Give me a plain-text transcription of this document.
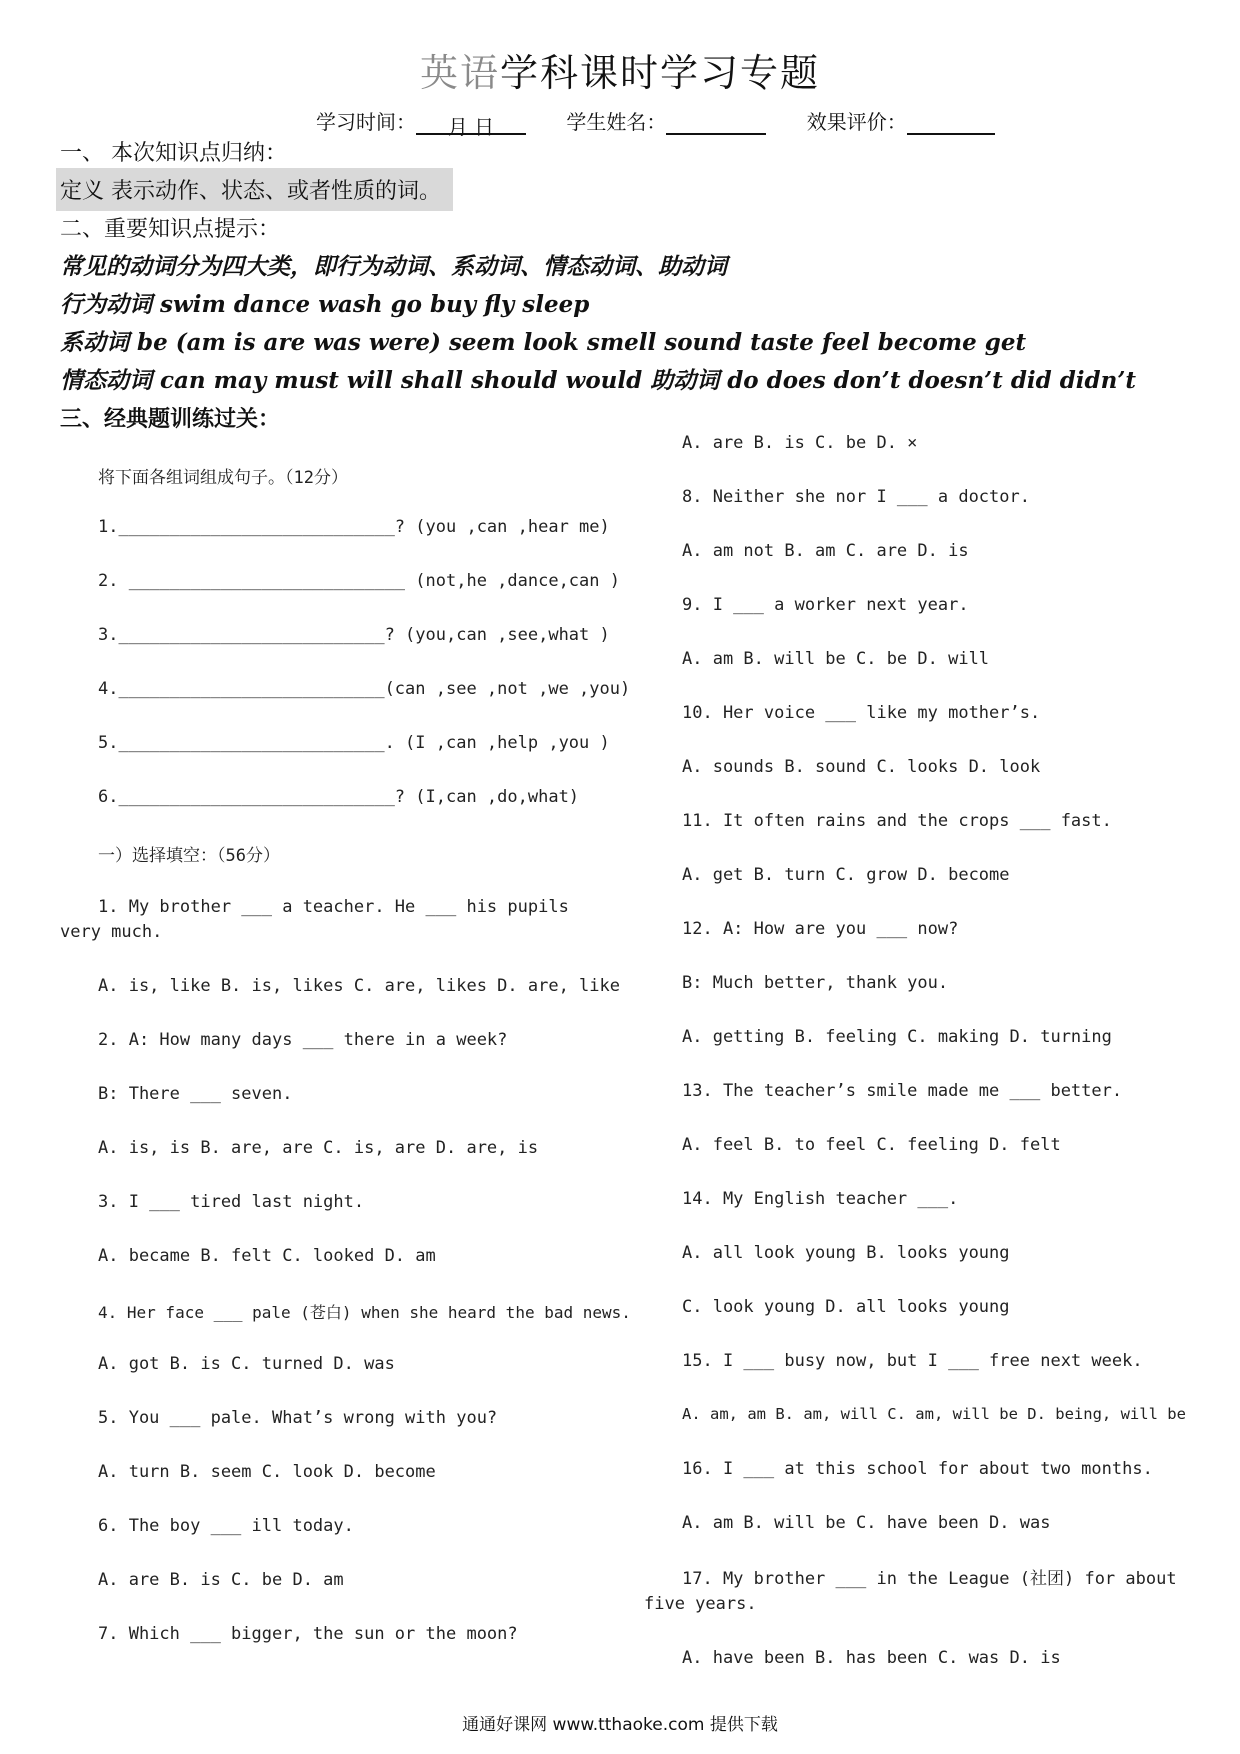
英语学科课时学习专题
学习时间： 月 日	学生姓名：	效果评价：
一、 本次知识点归纳：
定义 表示动作、状态、或者性质的词。
二、重要知识点提示：
常见的动词分为四大类，即行为动词、系动词、情态动词、助动词
行为动词 swim dance wash go buy fly sleep
系动词 be (am is are was were) seem look smell sound taste feel become get
情态动词 can may must will shall should would 助动词 do does don’t doesn’t did didn’t
三、经典题训练过关：
将下面各组词组成句子。（12分）
1.___________________________? (you ,can ,hear me)
2. ___________________________ (not,he ,dance,can )
3.__________________________? (you,can ,see,what )
4.__________________________(can ,see ,not ,we ,you)
5.__________________________. (I ,can ,help ,you )
6.___________________________? (I,can ,do,what)
一）选择填空：（56分）
1. My brother ___ a teacher. He ___ his pupils very much.
A. is, like B. is, likes C. are, likes D. are, like
2. A: How many days ___ there in a week?
B: There ___ seven.
A. is, is B. are, are C. is, are D. are, is
3. I ___ tired last night.
A. became B. felt C. looked D. am
4. Her face ___ pale (苍白) when she heard the bad news.
A. got B. is C. turned D. was
5. You ___ pale. What’s wrong with you?
A. turn B. seem C. look D. become
6. The boy ___ ill today.
A. are B. is C. be D. am
7. Which ___ bigger, the sun or the moon?
A. are B. is C. be D. ×
8. Neither she nor I ___ a doctor.
A. am not B. am C. are D. is
9. I ___ a worker next year.
A. am B. will be C. be D. will
10. Her voice ___ like my mother’s.
A. sounds B. sound C. looks D. look
11. It often rains and the crops ___ fast.
A. get B. turn C. grow D. become
12. A: How are you ___ now?
B: Much better, thank you.
A. getting B. feeling C. making D. turning
13. The teacher’s smile made me ___ better.
A. feel B. to feel C. feeling D. felt
14. My English teacher ___.
A. all look young B. looks young
C. look young D. all looks young
15. I ___ busy now, but I ___ free next week.
A. am, am B. am, will C. am, will be D. being, will be
16. I ___ at this school for about two months.
A. am B. will be C. have been D. was
17. My brother ___ in the League (社团) for about five years.
A. have been B. has been C. was D. is
通通好课网 www.tthaoke.com 提供下载
